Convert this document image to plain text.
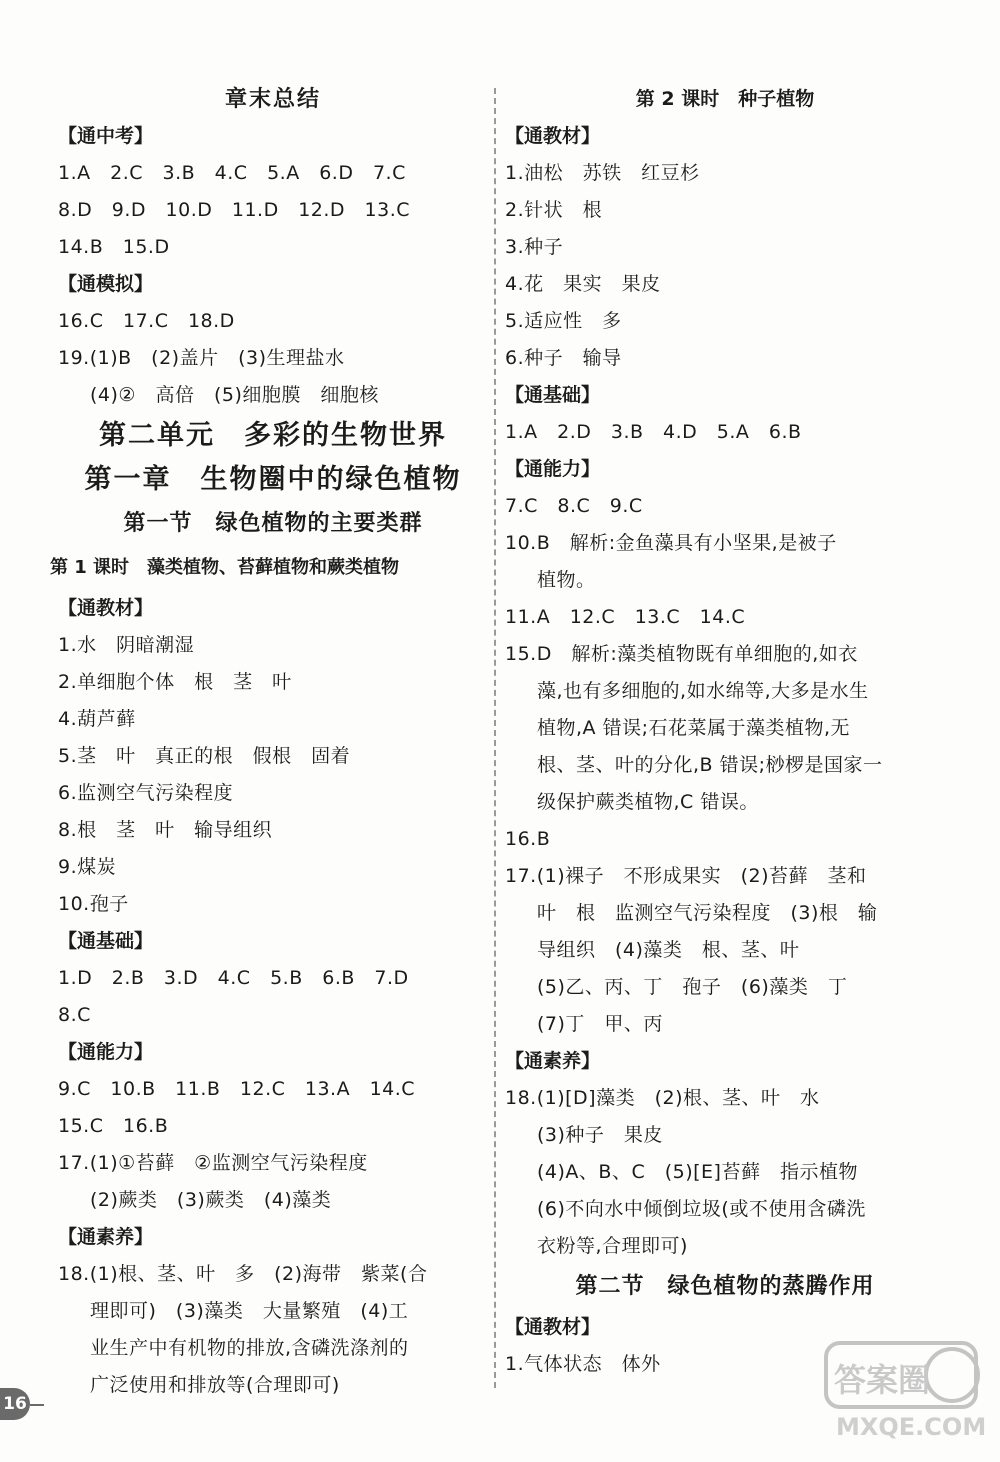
章末总结
【通中考】
1.A　2.C　3.B　4.C　5.A　6.D　7.C
8.D　9.D　10.D　11.D　12.D　13.C
14.B　15.D
【通模拟】
16.C　17.C　18.D
19.(1)B　(2)盖片　(3)生理盐水
(4)②　高倍　(5)细胞膜　细胞核
第二单元　多彩的生物世界
第一章　生物圈中的绿色植物
第一节　绿色植物的主要类群
第 1 课时　藻类植物、苔藓植物和蕨类植物
【通教材】
1.水　阴暗潮湿
2.单细胞个体　根　茎　叶
4.葫芦藓
5.茎　叶　真正的根　假根　固着
6.监测空气污染程度
8.根　茎　叶　输导组织
9.煤炭
10.孢子
【通基础】
1.D　2.B　3.D　4.C　5.B　6.B　7.D
8.C
【通能力】
9.C　10.B　11.B　12.C　13.A　14.C
15.C　16.B
17.(1)①苔藓　②监测空气污染程度
(2)蕨类　(3)蕨类　(4)藻类
【通素养】
18.(1)根、茎、叶　多　(2)海带　紫菜(合
理即可)　(3)藻类　大量繁殖　(4)工
业生产中有机物的排放,含磷洗涤剂的
广泛使用和排放等(合理即可)
第 2 课时　种子植物
【通教材】
1.油松　苏铁　红豆杉
2.针状　根
3.种子
4.花　果实　果皮
5.适应性　多
6.种子　输导
【通基础】
1.A　2.D　3.B　4.D　5.A　6.B
【通能力】
7.C　8.C　9.C
10.B　解析:金鱼藻具有小坚果,是被子
植物。
11.A　12.C　13.C　14.C
15.D　解析:藻类植物既有单细胞的,如衣
藻,也有多细胞的,如水绵等,大多是水生
植物,A 错误;石花菜属于藻类植物,无
根、茎、叶的分化,B 错误;桫椤是国家一
级保护蕨类植物,C 错误。
16.B
17.(1)裸子　不形成果实　(2)苔藓　茎和
叶　根　监测空气污染程度　(3)根　输
导组织　(4)藻类　根、茎、叶
(5)乙、丙、丁　孢子　(6)藻类　丁
(7)丁　甲、丙
【通素养】
18.(1)[D]藻类　(2)根、茎、叶　水
(3)种子　果皮
(4)A、B、C　(5)[E]苔藓　指示植物
(6)不向水中倾倒垃圾(或不使用含磷洗
衣粉等,合理即可)
第二节　绿色植物的蒸腾作用
【通教材】
1.气体状态　体外
16
答案圈
MXQE.COM
